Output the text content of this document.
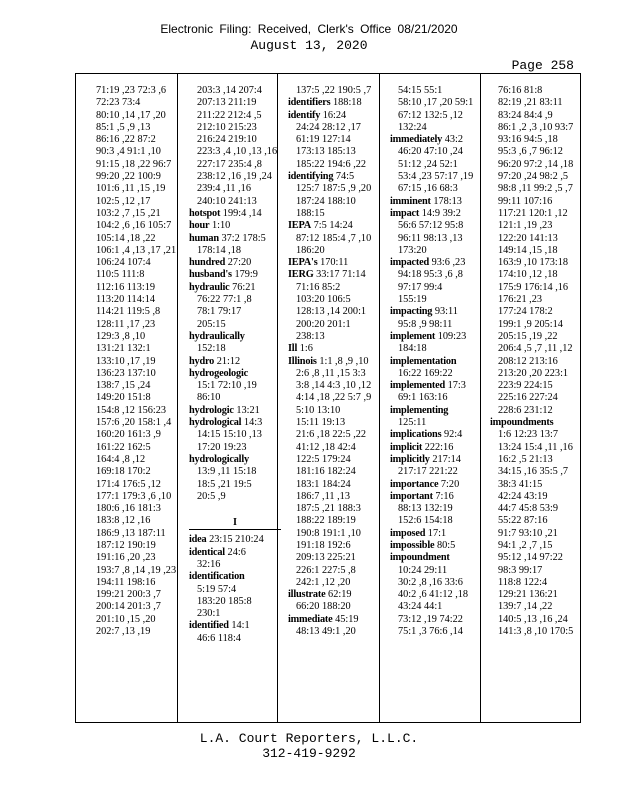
Electronic Filing: Received, Clerk's Office 08/21/2020
August 13, 2020
Page 258
71:19 ,23 72:3 ,6
72:23 73:4
80:10 ,14 ,17 ,20
85:1 ,5 ,9 ,13
86:16 ,22 87:2
90:3 ,4 91:1 ,10
91:15 ,18 ,22 96:7
99:20 ,22 100:9
101:6 ,11 ,15 ,19
102:5 ,12 ,17
103:2 ,7 ,15 ,21
104:2 ,6 ,16 105:7
105:14 ,18 ,22
106:1 ,4 ,13 ,17 ,21
106:24 107:4
110:5 111:8
112:16 113:19
113:20 114:14
114:21 119:5 ,8
128:11 ,17 ,23
129:3 ,8 ,10
131:21 132:1
133:10 ,17 ,19
136:23 137:10
138:7 ,15 ,24
149:20 151:8
154:8 ,12 156:23
157:6 ,20 158:1 ,4
160:20 161:3 ,9
161:22 162:5
164:4 ,8 ,12
169:18 170:2
171:4 176:5 ,12
177:1 179:3 ,6 ,10
180:6 ,16 181:3
183:8 ,12 ,16
186:9 ,13 187:11
187:12 190:19
191:16 ,20 ,23
193:7 ,8 ,14 ,19 ,23
194:11 198:16
199:21 200:3 ,7
200:14 201:3 ,7
201:10 ,15 ,20
202:7 ,13 ,19
203:3 ,14 207:4
207:13 211:19
211:22 212:4 ,5
212:10 215:23
216:24 219:10
223:3 ,4 ,10 ,13 ,16
227:17 235:4 ,8
238:12 ,16 ,19 ,24
239:4 ,11 ,16
240:10 241:13
hotspot 199:4 ,14
hour 1:10
human 37:2 178:5
178:14 ,18
hundred 27:20
husband's 179:9
hydraulic 76:21
76:22 77:1 ,8
78:1 79:17
205:15
hydraulically
152:18
hydro 21:12
hydrogeologic
15:1 72:10 ,19
86:10
hydrologic 13:21
hydrological 14:3
14:15 15:10 ,13
17:20 19:23
hydrologically
13:9 ,11 15:18
18:5 ,21 19:5
20:5 ,9
I
idea 23:15 210:24
identical 24:6
32:16
identification
5:19 57:4
183:20 185:8
230:1
identified 14:1
46:6 118:4
137:5 ,22 190:5 ,7
identifiers 188:18
identify 16:24
24:24 28:12 ,17
61:19 127:14
173:13 185:13
185:22 194:6 ,22
identifying 74:5
125:7 187:5 ,9 ,20
187:24 188:10
188:15
IEPA 7:5 14:24
87:12 185:4 ,7 ,10
186:20
IEPA's 170:11
IERG 33:17 71:14
71:16 85:2
103:20 106:5
128:13 ,14 200:1
200:20 201:1
238:13
Ill 1:6
Illinois 1:1 ,8 ,9 ,10
2:6 ,8 ,11 ,15 3:3
3:8 ,14 4:3 ,10 ,12
4:14 ,18 ,22 5:7 ,9
5:10 13:10
15:11 19:13
21:6 ,18 22:5 ,22
41:12 ,18 42:4
122:5 179:24
181:16 182:24
183:1 184:24
186:7 ,11 ,13
187:5 ,21 188:3
188:22 189:19
190:8 191:1 ,10
191:18 192:6
209:13 225:21
226:1 227:5 ,8
242:1 ,12 ,20
illustrate 62:19
66:20 188:20
immediate 45:19
48:13 49:1 ,20
54:15 55:1
58:10 ,17 ,20 59:1
67:12 132:5 ,12
132:24
immediately 43:2
46:20 47:10 ,24
51:12 ,24 52:1
53:4 ,23 57:17 ,19
67:15 ,16 68:3
imminent 178:13
impact 14:9 39:2
56:6 57:12 95:8
96:11 98:13 ,13
173:20
impacted 93:6 ,23
94:18 95:3 ,6 ,8
97:17 99:4
155:19
impacting 93:11
95:8 ,9 98:11
implement 109:23
184:18
implementation
16:22 169:22
implemented 17:3
69:1 163:16
implementing
125:11
implications 92:4
implicit 222:16
implicitly 217:14
217:17 221:22
importance 7:20
important 7:16
88:13 132:19
152:6 154:18
imposed 17:1
impossible 80:5
impoundment
10:24 29:11
30:2 ,8 ,16 33:6
40:2 ,6 41:12 ,18
43:24 44:1
73:12 ,19 74:22
75:1 ,3 76:6 ,14
76:16 81:8
82:19 ,21 83:11
83:24 84:4 ,9
86:1 ,2 ,3 ,10 93:7
93:16 94:5 ,18
95:3 ,6 ,7 96:12
96:20 97:2 ,14 ,18
97:20 ,24 98:2 ,5
98:8 ,11 99:2 ,5 ,7
99:11 107:16
117:21 120:1 ,12
121:1 ,19 ,23
122:20 141:13
149:14 ,15 ,18
163:9 ,10 173:18
174:10 ,12 ,18
175:9 176:14 ,16
176:21 ,23
177:24 178:2
199:1 ,9 205:14
205:15 ,19 ,22
206:4 ,5 ,7 ,11 ,12
208:12 213:16
213:20 ,20 223:1
223:9 224:15
225:16 227:24
228:6 231:12
impoundments
1:6 12:23 13:7
13:24 15:4 ,11 ,16
16:2 ,5 21:13
34:15 ,16 35:5 ,7
38:3 41:15
42:24 43:19
44:7 45:8 53:9
55:22 87:16
91:7 93:10 ,21
94:1 ,2 ,7 ,15
95:12 ,14 97:22
98:3 99:17
118:8 122:4
129:21 136:21
139:7 ,14 ,22
140:5 ,13 ,16 ,24
141:3 ,8 ,10 170:5
L.A. Court Reporters, L.L.C.
312-419-9292
